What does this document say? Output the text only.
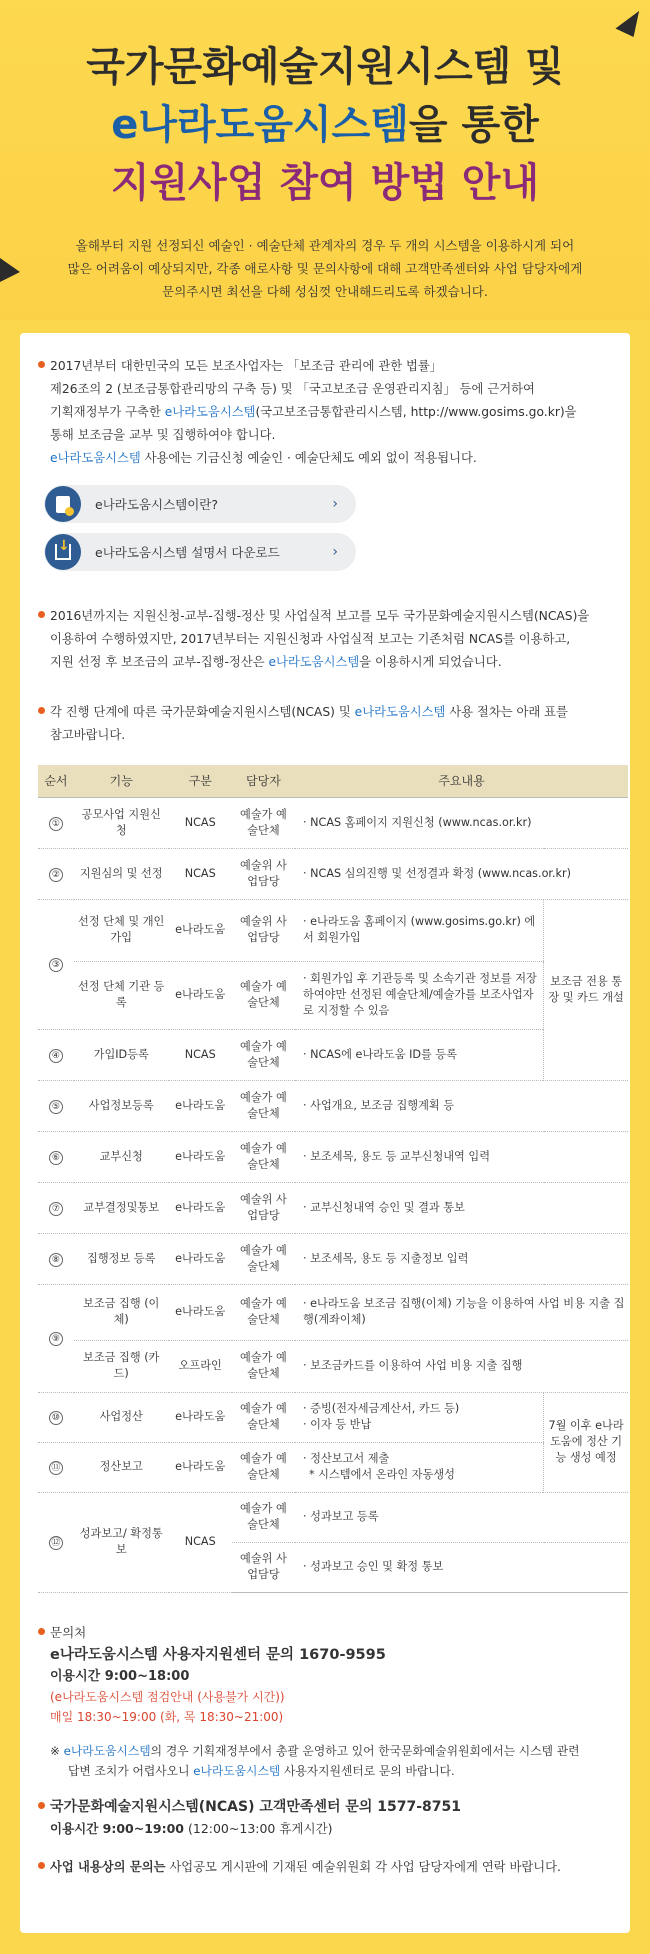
국가문화예술지원시스템 및
e나라도움시스템을 통한
지원사업 참여 방법 안내
올해부터 지원 선정되신 예술인 · 예술단체 관계자의 경우 두 개의 시스템을 이용하시게 되어
많은 어려움이 예상되지만, 각종 애로사항 및 문의사항에 대해 고객만족센터와 사업 담당자에게
문의주시면 최선을 다해 성심껏 안내해드리도록 하겠습니다.
2017년부터 대한민국의 모든 보조사업자는 「보조금 관리에 관한 법률」
제26조의 2 (보조금통합관리망의 구축 등) 및 「국고보조금 운영관리지침」 등에 근거하여
기획재정부가 구축한 e나라도움시스템(국고보조금통합관리시스템, http://www.gosims.go.kr)을
통해 보조금을 교부 및 집행하여야 합니다.
e나라도움시스템 사용에는 기금신청 예술인 · 예술단체도 예외 없이 적용됩니다.
e나라도움시스템이란?	›
↓
e나라도움시스템 설명서 다운로드	›
2016년까지는 지원신청-교부-집행-정산 및 사업실적 보고를 모두 국가문화예술지원시스템(NCAS)을
이용하여 수행하였지만, 2017년부터는 지원신청과 사업실적 보고는 기존처럼 NCAS를 이용하고,
지원 선정 후 보조금의 교부-집행-정산은 e나라도움시스템을 이용하시게 되었습니다.
각 진행 단계에 따른 국가문화예술지원시스템(NCAS) 및 e나라도움시스템 사용 절차는 아래 표를
참고바랍니다.
순서	기능	구분	담당자	주요내용	
①	공모사업 지원신청	NCAS	예술가 예술단체	· NCAS 홈페이지 지원신청 (www.ncas.or.kr)	
②	지원심의 및 선정	NCAS	예술위 사업담당	· NCAS 심의진행 및 선정결과 확정 (www.ncas.or.kr)	
③	선정 단체 및 개인 가입	e나라도움	예술위 사업담당	· e나라도움 홈페이지 (www.gosims.go.kr) 에서 회원가입	보조금 전용 통장 및 카드 개설
	선정 단체 기관 등록	e나라도움	예술가 예술단체	· 회원가입 후 기관등록 및 소속기관 정보를 저장하여야만 선정된 예술단체/예술가를 보조사업자로 지정할 수 있음	
④	가입ID등록	NCAS	예술가 예술단체	· NCAS에 e나라도움 ID를 등록	
⑤	사업정보등록	e나라도움	예술가 예술단체	· 사업개요, 보조금 집행계획 등	
⑥	교부신청	e나라도움	예술가 예술단체	· 보조세목, 용도 등 교부신청내역 입력	
⑦	교부결정및통보	e나라도움	예술위 사업담당	· 교부신청내역 승인 및 결과 통보	
⑧	집행정보 등록	e나라도움	예술가 예술단체	· 보조세목, 용도 등 지출정보 입력	
⑨	보조금 집행 (이체)	e나라도움	예술가 예술단체	· e나라도움 보조금 집행(이체) 기능을 이용하여 사업 비용 지출 집행(계좌이체)	
	보조금 집행 (카드)	오프라인	예술가 예술단체	· 보조금카드를 이용하여 사업 비용 지출 집행	
⑩	사업정산	e나라도움	예술가 예술단체	· 증빙(전자세금계산서, 카드 등)
· 이자 등 반납	7월 이후 e나라도움에 정산 기능 생성 예정
⑪	정산보고	e나라도움	예술가 예술단체	· 정산보고서 제출
* 시스템에서 온라인 자동생성	

⑫	성과보고/ 확정통보	NCAS	예술가 예술단체	· 성과보고 등록	
			예술위 사업담당	· 성과보고 승인 및 확정 통보	
문의처
e나라도움시스템 사용자지원센터 문의 1670-9595
이용시간 9:00~18:00
(e나라도움시스템 점검안내 (사용불가 시간))
매일 18:30~19:00 (화, 목 18:30~21:00)
※ e나라도움시스템의 경우 기획재정부에서 총괄 운영하고 있어 한국문화예술위원회에서는 시스템 관련
답변 조치가 어렵사오니 e나라도움시스템 사용자지원센터로 문의 바랍니다.
국가문화예술지원시스템(NCAS) 고객만족센터 문의 1577-8751
이용시간 9:00~19:00 (12:00~13:00 휴게시간)
사업 내용상의 문의는 사업공모 게시판에 기재된 예술위원회 각 사업 담당자에게 연락 바랍니다.
